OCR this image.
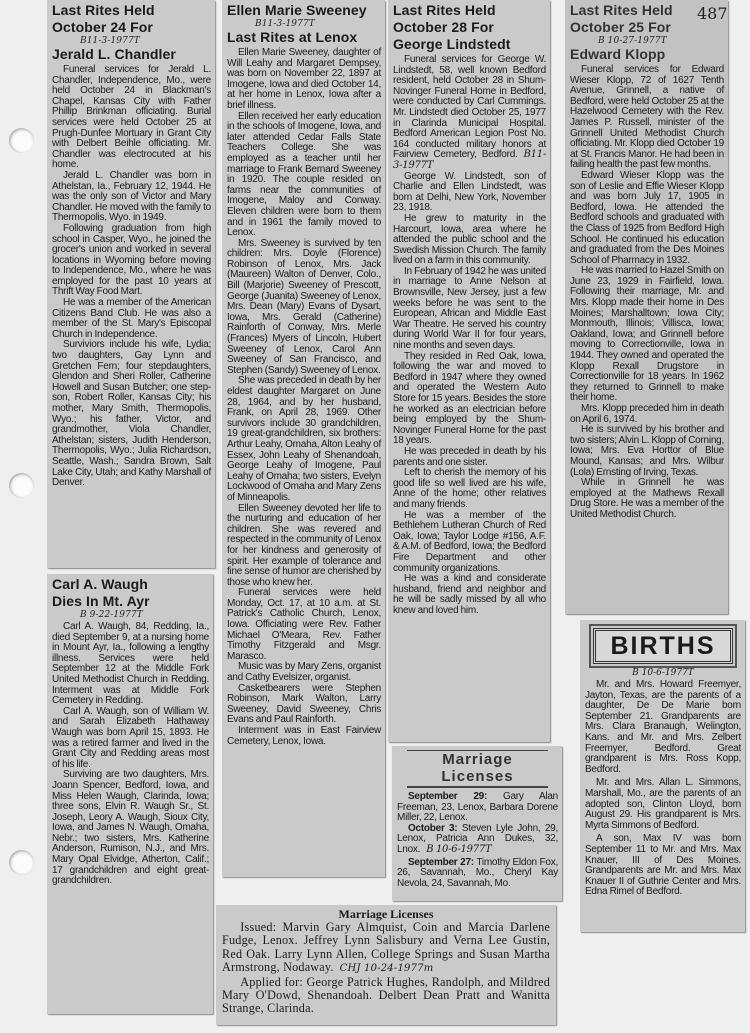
Last Rites Held
October 24 For
B11-3-1977T
Jerald L. Chandler

Funeral services for Jerald L. Chandler, Independence, Mo., were held October 24 in Blackman's Chapel, Kansas City with Father Phillip Brinkman officiating. Burial services were held October 25 at Prugh-Dunfee Mortuary in Grant City with Delbert Beihle officiating. Mr. Chandler was electrocuted at his home.

Jerald L. Chandler was born in Athelstan, Ia., February 12, 1944. He was the only son of Victor and Mary Chandler. He moved with the family to Thermopolis, Wyo. in 1949.

Following graduation from high school in Casper, Wyo., he joined the grocer's union and worked in several locations in Wyoming before moving to Independence, Mo., where he was employed for the past 10 years at Thrift Way Food Mart.

He was a member of the American Citizens Band Club. He was also a member of the St. Mary's Episcopal Church in Independence.

Surviviors include his wife, Lydia; two daughters, Gay Lynn and Gretchen Fern; four stepdaughters, Glendon and Sheri Roller, Catherine Howell and Susan Butcher; one step-son, Robert Roller, Kansas City; his mother, Mary Smith, Thermopolis, Wyo.; his father, Victor, and grandmother, Viola Chandler, Athelstan; sisters, Judith Henderson, Thermopolis, Wyo.; Julia Richardson, Seattle, Wash.; Sandra Brown, Salt Lake City, Utah; and Kathy Marshall of Denver.

Carl A. Waugh
Dies In Mt. Ayr
B 9-22-1977T

Carl A. Waugh, 84, Redding, Ia., died September 9, at a nursing home in Mount Ayr, Ia., following a lengthy illness. Services were held September 12 at the Middle Fork United Methodist Church in Redding. Interment was at Middle Fork Cemetery in Redding.

Carl A. Waugh, son of William W. and Sarah Elizabeth Hathaway Waugh was born April 15, 1893. He was a retired farmer and lived in the Grant City and Redding areas most of his life.

Surviving are two daughters, Mrs. Joann Spencer, Bedford, Iowa, and Miss Helen Waugh, Clarinda, Iowa; three sons, Elvin R. Waugh Sr., St. Joseph, Leory A. Waugh, Sioux City, Iowa, and James N. Waugh, Omaha, Nebr.; two sisters, Mrs. Katherine Anderson, Rumison, N.J., and Mrs. Mary Opal Elvidge, Atherton, Calif.; 17 grandchildren and eight great-grandchildren.

Ellen Marie Sweeney
B11-3-1977T
Last Rites at Lenox

Ellen Marie Sweeney, daughter of Will Leahy and Margaret Dempsey, was born on November 22, 1897 at Imogene, Iowa and died October 14, at her home in Lenox, Iowa after a brief illness.

Ellen received her early education in the schools of Imogene, Iowa, and later attended Cedar Falls State Teachers College. She was employed as a teacher until her marriage to Frank Bernard Sweeney in 1920. The couple resided on farms near the communities of Imogene, Maloy and Conway. Eleven children were born to them and in 1961 the family moved to Lenox.

Mrs. Sweeney is survived by ten children: Mrs. Doyle (Florence) Robinson of Lenox, Mrs. Jack (Maureen) Walton of Denver, Colo., Bill (Marjorie) Sweeney of Prescott, George (Juanita) Sweeney of Lenox, Mrs. Dean (Mary) Evans of Dysart, Iowa, Mrs. Gerald (Catherine) Rainforth of Conway, Mrs. Merle (Frances) Myers of Lincoln, Hubert Sweeney of Lenox, Carol Ann Sweeney of San Francisco, and Stephen (Sandy) Sweeney of Lenox.

She was preceded in death by her eldest daughter Margaret on June 28, 1964, and by her husband, Frank, on April 28, 1969. Other survivors include 30 grandchildren, 19 great-grandchildren, six brothers: Arthur Leahy, Omaha, Alton Leahy of Essex, John Leahy of Shenandoah, George Leahy of Imogene, Paul Leahy of Omaha; two sisters, Evelyn Lockwood of Omaha and Mary Zens of Minneapolis.

Ellen Sweeney devoted her life to the nurturing and education of her children. She was revered and respected in the community of Lenox for her kindness and generosity of spirit. Her example of tolerance and fine sense of humor are cherished by those who knew her.

Funeral services were held Monday, Oct. 17, at 10 a.m. at St. Patrick's Catholic Church, Lenox, Iowa. Officiating were Rev. Father Michael O'Meara, Rev. Father Timothy Fitzgerald and Msgr. Marasco.

Music was by Mary Zens, organist and Cathy Evelsizer, organist.

Casketbearers were Stephen Robinson, Mark Walton, Larry Sweeney, David Sweeney, Chris Evans and Paul Rainforth.

Interment was in East Fairview Cemetery, Lenox, Iowa.

Last Rites Held
October 28 For
George Lindstedt

Funeral services for George W. Lindstedt, 58, well known Bedford resident, held October 28 in Shum-Novinger Funeral Home in Bedford, were conducted by Carl Cummings. Mr. Lindstedt died October 25, 1977 in Clarinda Municipal Hospital. Bedford American Legion Post No. 164 conducted military honors at Fairview Cemetery, Bedford. B11-3-1977T

George W. Lindstedt, son of Charlie and Ellen Lindstedt, was born at Delhi, New York, November 23, 1918.

He grew to maturity in the Harcourt, Iowa, area where he attended the public school and the Swedish Mission Church. The family lived on a farm in this community.

In February of 1942 he was united in marriage to Anne Nelson at Brownsville, New Jersey, just a few weeks before he was sent to the European, African and Middle East War Theatre. He served his country during World War II for four years, nine months and seven days.

They resided in Red Oak, Iowa, following the war and moved to Bedford in 1947 where they owned and operated the Western Auto Store for 15 years. Besides the store he worked as an electrician before being employed by the Shum-Novinger Funeral Home for the past 18 years.

He was preceded in death by his parents and one sister.

Left to cherish the memory of his good life so well lived are his wife, Anne of the home; other relatives and many friends.

He was a member of the Bethlehem Lutheran Church of Red Oak, Iowa; Taylor Lodge #156, A.F. & A.M. of Bedford, Iowa; the Bedford Fire Department and other community organizations.

He was a kind and considerate husband, friend and neighbor and he will be sadly missed by all who knew and loved him.

Marriage
Licenses

September 29: Gary Alan Freeman, 23, Lenox, Barbara Dorene Miller, 22, Lenox.

October 3: Steven Lyle John, 29, Lenox, Patricia Ann Dukes, 32, Lnox. B 10-6-1977T

September 27: Timothy Eldon Fox, 26, Savannah, Mo., Cheryl Kay Nevola, 24, Savannah, Mo.

Last Rites Held
October 25 For
B 10-27-1977T
Edward Klopp
487

Funeral services for Edward Wieser Klopp, 72 of 1627 Tenth Avenue, Grinnell, a native of Bedford, were held October 25 at the Hazelwood Cemetery with the Rev. James P. Russell, minister of the Grinnell United Methodist Church officiating. Mr. Klopp died October 19 at St. Francis Manor. He had been in failing health the past few months.

Edward Wieser Klopp was the son of Leslie and Effie Wieser Klopp and was born July 17, 1905 in Bedford, Iowa. He attended the Bedford schools and graduated with the Class of 1925 from Bedford High School. He continued his education and graduated from the Des Moines School of Pharmacy in 1932.

He was married to Hazel Smith on June 23, 1929 in Fairfield, Iowa. Following their marriage, Mr. and Mrs. Klopp made their home in Des Moines; Marshalltown; Iowa City; Monmouth, Illinois; Villisca, Iowa; Oakland, Iowa; and Grinnell before moving to Correctionville, Iowa in 1944. They owned and operated the Klopp Rexall Drugstore in Correctionville for 18 years. In 1962 they returned to Grinnell to make their home.

Mrs. Klopp preceded him in death on April 6, 1974.

He is survived by his brother and two sisters; Alvin L. Klopp of Corning, Iowa; Mrs. Eva Horttor of Blue Mound, Kansas; and Mrs. Wilbur (Lola) Ernsting of Irving, Texas.

While in Grinnell he was employed at the Mathews Rexall Drug Store. He was a member of the United Methodist Church.

BIRTHS
B 10-6-1977T

Mr. and Mrs. Howard Freemyer, Jayton, Texas, are the parents of a daughter, De De Marie born September 21. Grandparents are Mrs. Clara Branaugh, Welington, Kans. and Mr. and Mrs. Zelbert Freemyer, Bedford. Great grandparent is Mrs. Ross Kopp, Bedford.

Mr. and Mrs. Allan L. Simmons, Marshall, Mo., are the parents of an adopted son, Clinton Lloyd, born August 29. His grandparent is Mrs. Myrta Simmons of Bedford.

A son, Max IV was born September 11 to Mr. and Mrs. Max Knauer, III of Des Moines. Grandparents are Mr. and Mrs. Max Knauer II of Guthrie Center and Mrs. Edna Rimel of Bedford.

Marriage Licenses

Issued: Marvin Gary Almquist, Coin and Marcia Darlene Fudge, Lenox. Jeffrey Lynn Salisbury and Verna Lee Gustin, Red Oak. Larry Lynn Allen, College Springs and Susan Martha Armstrong, Nodaway. CHJ 10-24-1977m

Applied for: George Patrick Hughes, Randolph, and Mildred Mary O'Dowd, Shenandoah. Delbert Dean Pratt and Wanitta Strange, Clarinda.
